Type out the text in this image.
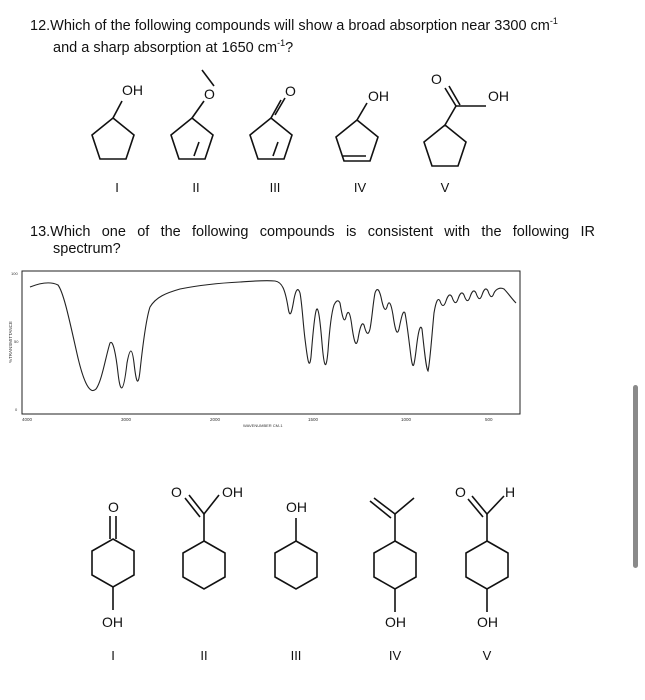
12.Which of the following compounds will show a broad absorption near 3300 $cm^{-1}$
and a sharp absorption at 1650 $cm^{-1}$?
OH	O	O	OH
O
OH
I	II	III	IV	V
13.Which one of the following compounds is consistent with the following IR
spectrum?
%TRANSMITTANCE
100
50
0
4000	3000	2000	1500	1000	500
WAVENUMBER CM-1
O
OH
O	OH
OH
OH
O	H
OH
I	II	III	IV	V
